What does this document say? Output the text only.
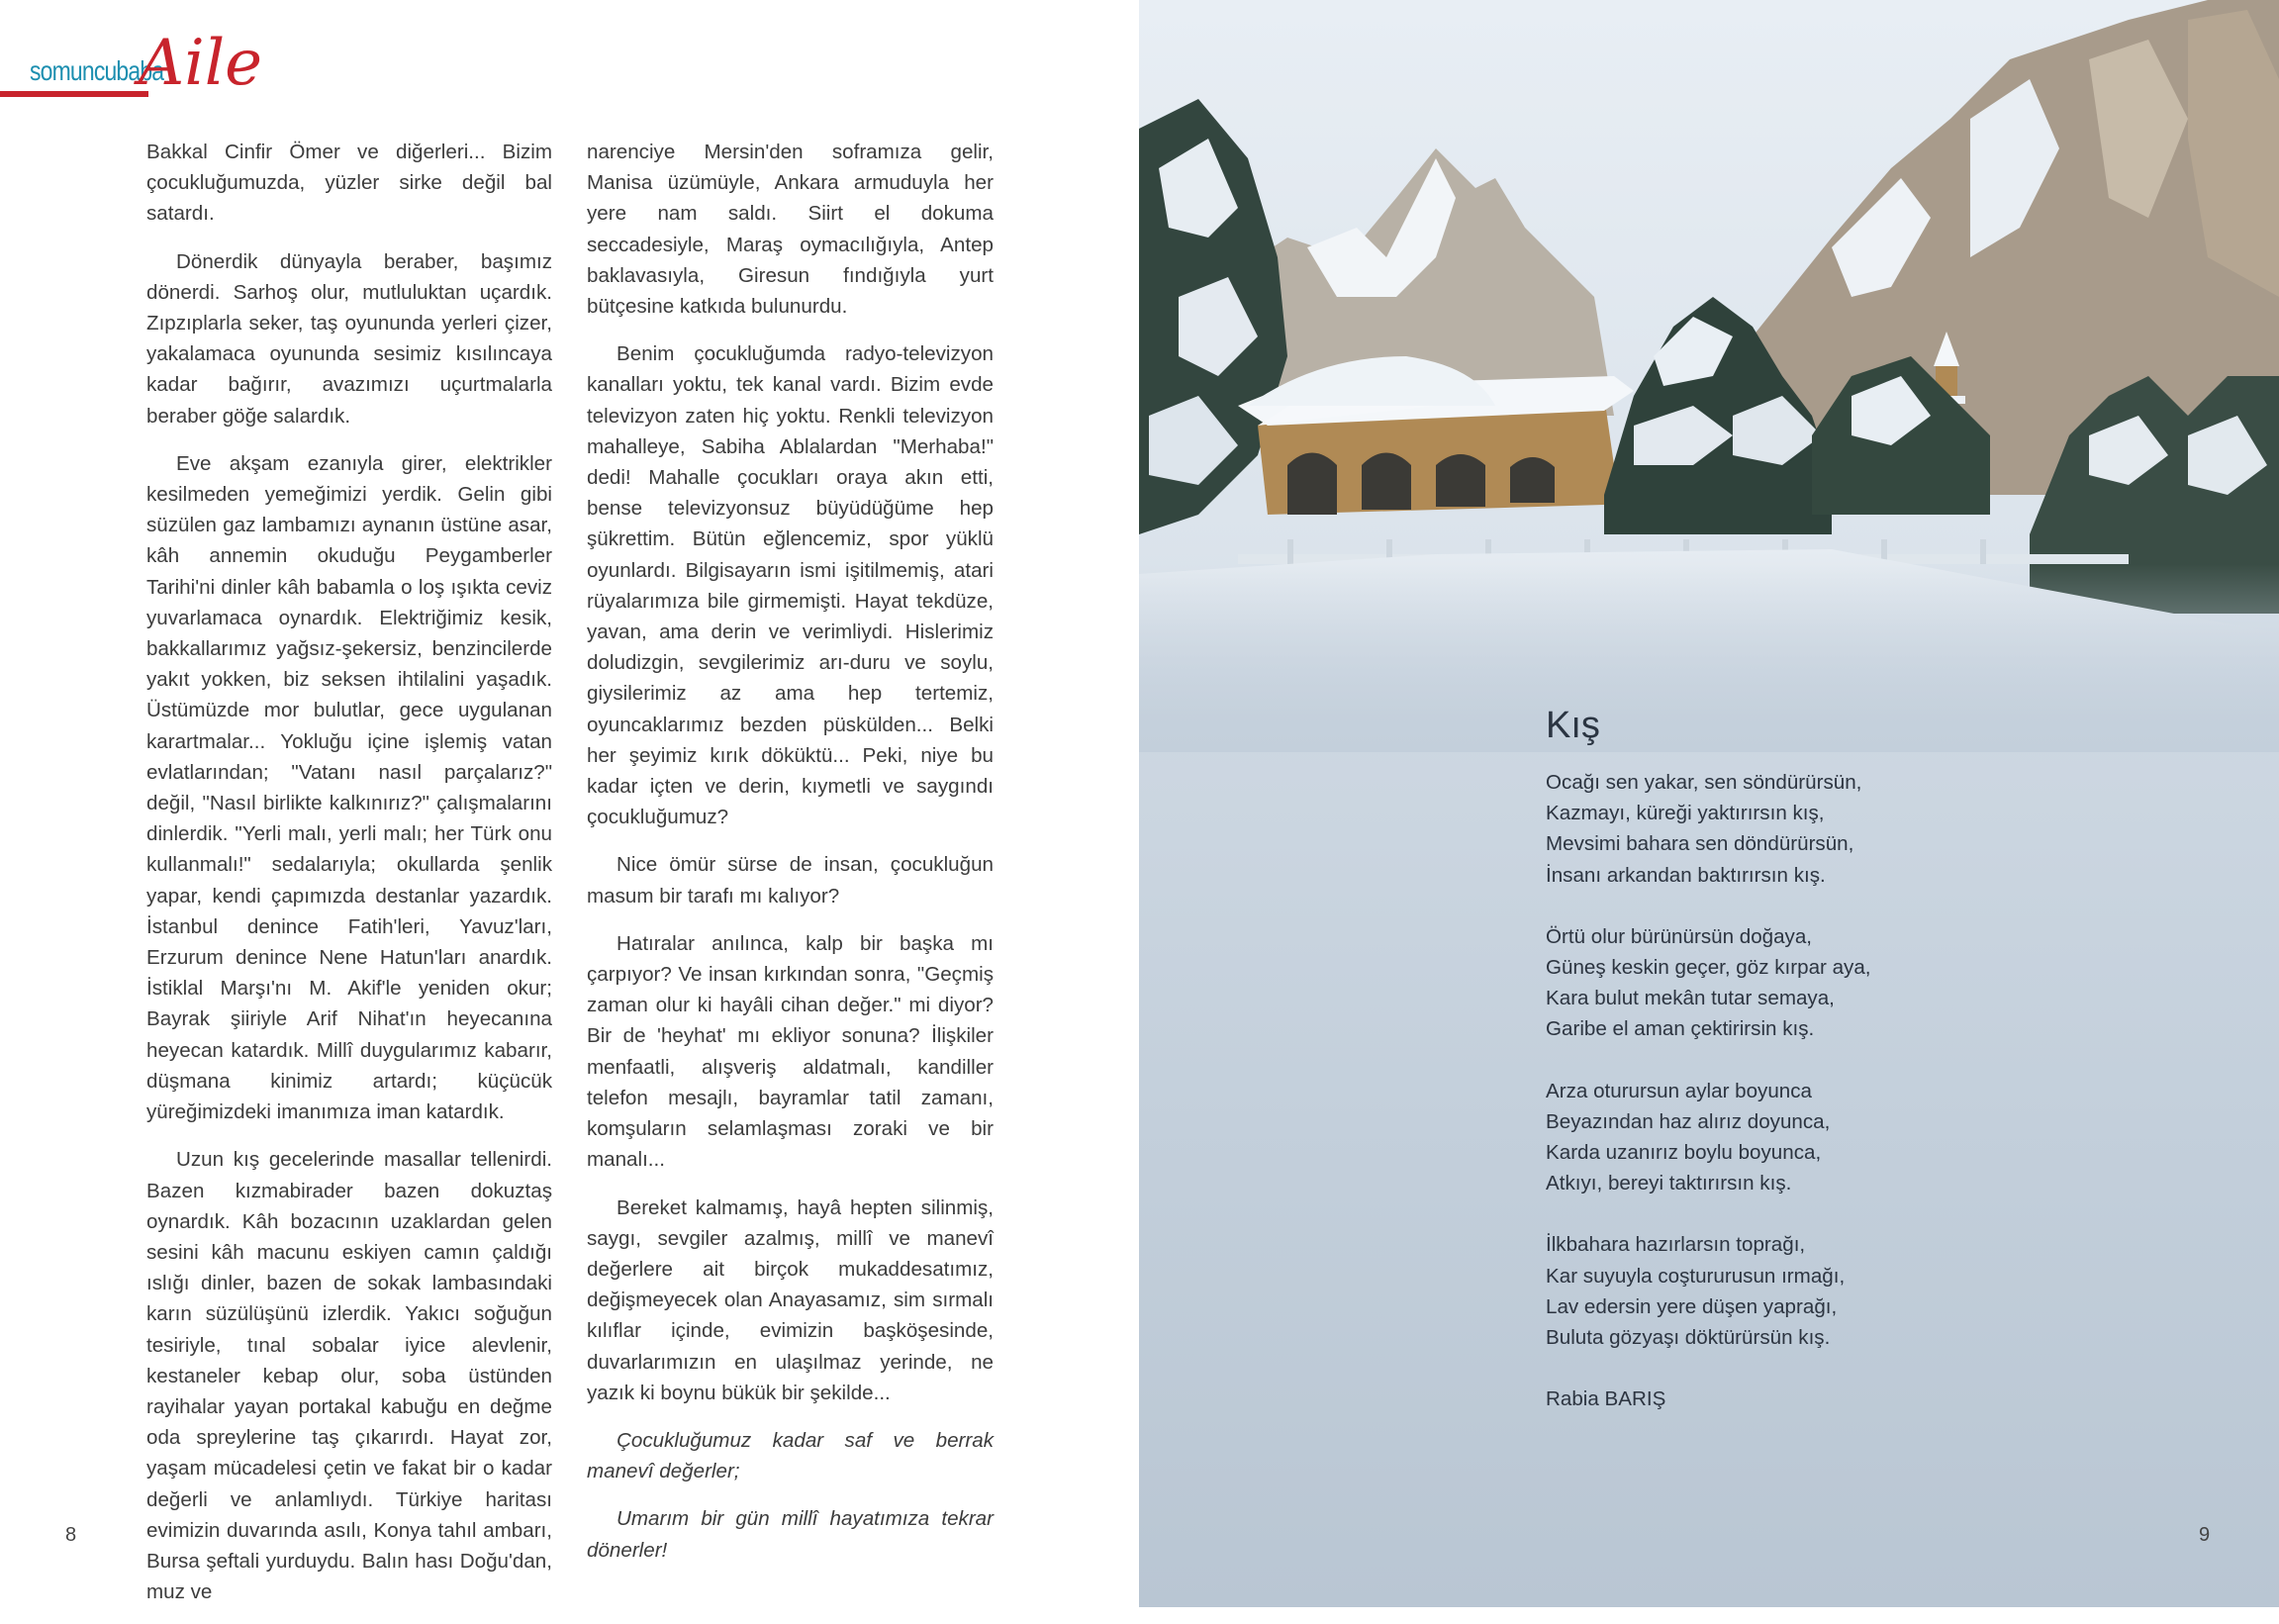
somuncubaba
Aile

Bakkal Cinfir Ömer ve diğerleri... Bizim çocukluğumuzda, yüzler sirke değil bal satardı.

Dönerdik dünyayla beraber, başımız dönerdi. Sarhoş olur, mutluluktan uçardık. Zıpzıplarla seker, taş oyununda yerleri çizer, yakalamaca oyununda sesimiz kısılıncaya kadar bağırır, avazımızı uçurtmalarla beraber göğe salardık.

Eve akşam ezanıyla girer, elektrikler kesilmeden yemeğimizi yerdik. Gelin gibi süzülen gaz lambamızı aynanın üstüne asar, kâh annemin okuduğu Peygamberler Tarihi'ni dinler kâh babamla o loş ışıkta ceviz yuvarlamaca oynardık. Elektriğimiz kesik, bakkallarımız yağsız-şekersiz, benzincilerde yakıt yokken, biz seksen ihtilalini yaşadık. Üstümüzde mor bulutlar, gece uygulanan karartmalar... Yokluğu içine işlemiş vatan evlatlarından; "Vatanı nasıl parçalarız?" değil, "Nasıl birlikte kalkınırız?" çalışmalarını dinlerdik. "Yerli malı, yerli malı; her Türk onu kullanmalı!" sedalarıyla; okullarda şenlik yapar, kendi çapımızda destanlar yazardık. İstanbul denince Fatih'leri, Yavuz'ları, Erzurum denince Nene Hatun'ları anardık. İstiklal Marşı'nı M. Akif'le yeniden okur; Bayrak şiiriyle Arif Nihat'ın heyecanına heyecan katardık. Millî duygularımız kabarır, düşmana kinimiz artardı; küçücük yüreğimizdeki imanımıza iman katardık.

Uzun kış gecelerinde masallar tellenirdi. Bazen kızmabirader bazen dokuztaş oynardık. Kâh bozacının uzaklardan gelen sesini kâh macunu eskiyen camın çaldığı ıslığı dinler, bazen de sokak lambasındaki karın süzülüşünü izlerdik. Yakıcı soğuğun tesiriyle, tınal sobalar iyice alevlenir, kestaneler kebap olur, soba üstünden rayihalar yayan portakal kabuğu en değme oda spreylerine taş çıkarırdı. Hayat zor, yaşam mücadelesi çetin ve fakat bir o kadar değerli ve anlamlıydı. Türkiye haritası evimizin duvarında asılı, Konya tahıl ambarı, Bursa şeftali yurduydu. Balın hası Doğu'dan, muz ve

narenciye Mersin'den soframıza gelir, Manisa üzümüyle, Ankara armuduyla her yere nam saldı. Siirt el dokuma seccadesiyle, Maraş oymacılığıyla, Antep baklavasıyla, Giresun fındığıyla yurt bütçesine katkıda bulunurdu.

Benim çocukluğumda radyo-televizyon kanalları yoktu, tek kanal vardı. Bizim evde televizyon zaten hiç yoktu. Renkli televizyon mahalleye, Sabiha Ablalardan "Merhaba!" dedi! Mahalle çocukları oraya akın etti, bense televizyonsuz büyüdüğüme hep şükrettim. Bütün eğlencemiz, spor yüklü oyunlardı. Bilgisayarın ismi işitilmemiş, atari rüyalarımıza bile girmemişti. Hayat tekdüze, yavan, ama derin ve verimliydi. Hislerimiz doludizgin, sevgilerimiz arı-duru ve soylu, giysilerimiz az ama hep tertemiz, oyuncaklarımız bezden püskülden... Belki her şeyimiz kırık döküktü... Peki, niye bu kadar içten ve derin, kıymetli ve saygındı çocukluğumuz?

Nice ömür sürse de insan, çocukluğun masum bir tarafı mı kalıyor?

Hatıralar anılınca, kalp bir başka mı çarpıyor? Ve insan kırkından sonra, "Geçmiş zaman olur ki hayâli cihan değer." mi diyor? Bir de 'heyhat' mı ekliyor sonuna? İlişkiler menfaatli, alışveriş aldatmalı, kandiller telefon mesajlı, bayramlar tatil zamanı, komşuların selamlaşması zoraki ve bir manalı...

Bereket kalmamış, hayâ hepten silinmiş, saygı, sevgiler azalmış, millî ve manevî değerlere ait birçok mukaddesatımız, değişmeyecek olan Anayasamız, sim sırmalı kılıflar içinde, evimizin başköşesinde, duvarlarımızın en ulaşılmaz yerinde, ne yazık ki boynu bükük bir şekilde...

Çocukluğumuz kadar saf ve berrak manevî değerler;

Umarım bir gün millî hayatımıza tekrar dönerler!

8
Kış
Ocağı sen yakar, sen söndürürsün,
Kazmayı, küreği yaktırırsın kış,
Mevsimi bahara sen döndürürsün,
İnsanı arkandan baktırırsın kış.
Örtü olur bürünürsün doğaya,
Güneş keskin geçer, göz kırpar aya,
Kara bulut mekân tutar semaya,
Garibe el aman çektirirsin kış.
Arza oturursun aylar boyunca
Beyazından haz alırız doyunca,
Karda uzanırız boylu boyunca,
Atkıyı, bereyi taktırırsın kış.
İlkbahara hazırlarsın toprağı,
Kar suyuyla coştururusun ırmağı,
Lav edersin yere düşen yaprağı,
Buluta gözyaşı döktürürsün kış.
Rabia BARIŞ
9
